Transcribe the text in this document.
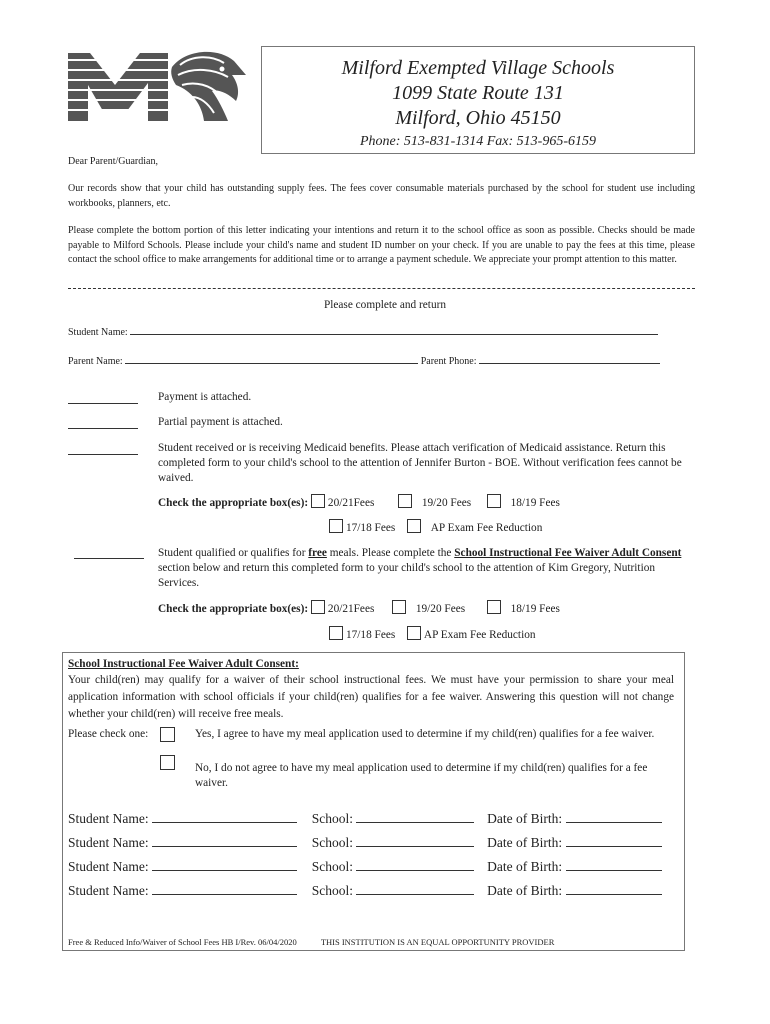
Milford Exempted Village Schools
1099 State Route 131
Milford, Ohio 45150
Phone: 513-831-1314 Fax: 513-965-6159
Dear Parent/Guardian,
Our records show that your child has outstanding supply fees. The fees cover consumable materials purchased by the school for student use including workbooks, planners, etc.
Please complete the bottom portion of this letter indicating your intentions and return it to the school office as soon as possible. Checks should be made payable to Milford Schools. Please include your child's name and student ID number on your check. If you are unable to pay the fees at this time, please contact the school office to make arrangements for additional time or to arrange a payment schedule. We appreciate your prompt attention to this matter.
Please complete and return
Student Name:
Parent Name:	Parent Phone:
Payment is attached.
Partial payment is attached.
Student received or is receiving Medicaid benefits. Please attach verification of Medicaid assistance. Return this completed form to your child's school to the attention of Jennifer Burton - BOE. Without verification fees cannot be waived.
Check the appropriate box(es): 20/21Fees	19/20 Fees	18/19 Fees
17/18 Fees	AP Exam Fee Reduction
Student qualified or qualifies for free meals. Please complete the School Instructional Fee Waiver Adult Consent section below and return this completed form to your child's school to the attention of Kim Gregory, Nutrition Services.
Check the appropriate box(es): 20/21Fees	19/20 Fees	18/19 Fees
17/18 Fees	AP Exam Fee Reduction
School Instructional Fee Waiver Adult Consent:
Your child(ren) may qualify for a waiver of their school instructional fees. We must have your permission to share your meal application information with school officials if your child(ren) qualifies for a fee waiver. Answering this question will not change whether your child(ren) will receive free meals.
Please check one:	Yes, I agree to have my meal application used to determine if my child(ren) qualifies for a fee waiver.
No, I do not agree to have my meal application used to determine if my child(ren) qualifies for a fee waiver.
Student Name:	School:	Date of Birth:
Student Name:	School:	Date of Birth:
Student Name:	School:	Date of Birth:
Student Name:	School:	Date of Birth:
Free & Reduced Info/Waiver of School Fees HB I/Rev. 06/04/2020	THIS INSTITUTION IS AN EQUAL OPPORTUNITY PROVIDER
